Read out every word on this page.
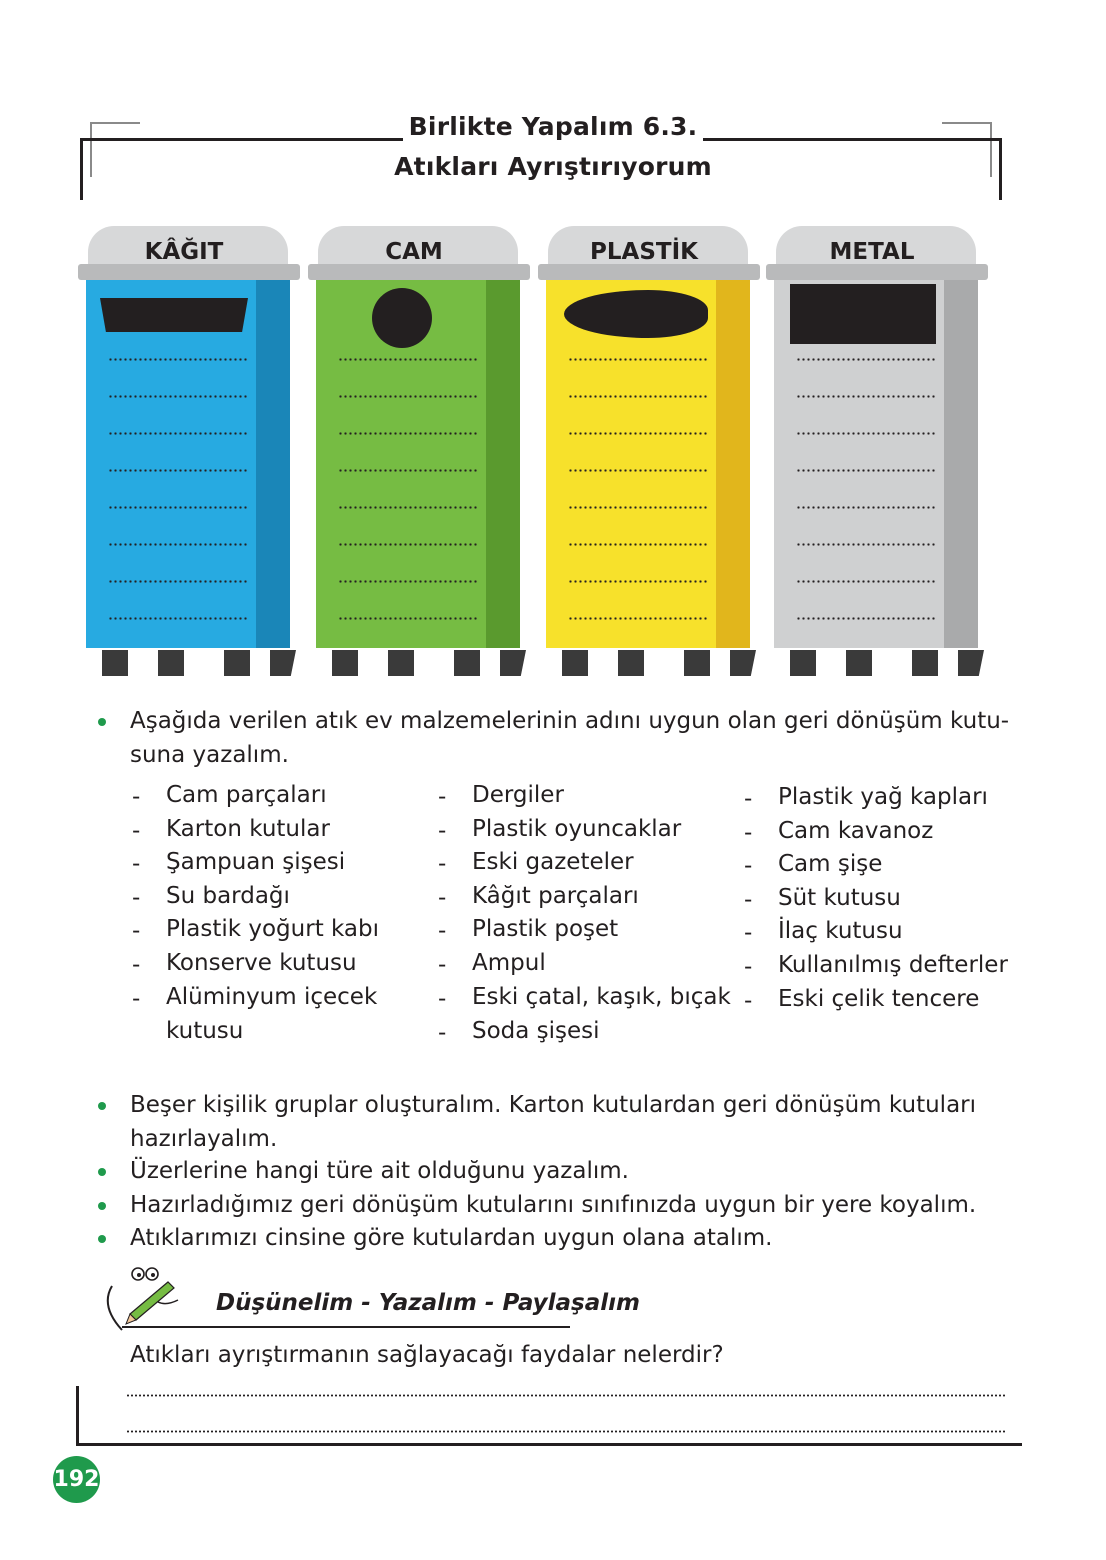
Birlikte Yapalım 6.3.
Atıkları Ayrıştırıyorum
KÂĞIT	CAM	PLASTİK	METAL
Aşağıda verilen atık ev malzemelerinin adını uygun olan geri dönüşüm kutu-
suna yazalım.
- Cam parçaları
- Karton kutular
- Şampuan şişesi
- Su bardağı
- Plastik yoğurt kabı
- Konserve kutusu
- Alüminyum içecek
kutusu
- Dergiler
- Plastik oyuncaklar
- Eski gazeteler
- Kâğıt parçaları
- Plastik poşet
- Ampul
- Eski çatal, kaşık, bıçak
- Soda şişesi
- Plastik yağ kapları
- Cam kavanoz
- Cam şişe
- Süt kutusu
- İlaç kutusu
- Kullanılmış defterler
- Eski çelik tencere
Beşer kişilik gruplar oluşturalım. Karton kutulardan geri dönüşüm kutuları
hazırlayalım.
Üzerlerine hangi türe ait olduğunu yazalım.
Hazırladığımız geri dönüşüm kutularını sınıfınızda uygun bir yere koyalım.
Atıklarımızı cinsine göre kutulardan uygun olana atalım.
Düşünelim - Yazalım - Paylaşalım
Atıkları ayrıştırmanın sağlayacağı faydalar nelerdir?
192
